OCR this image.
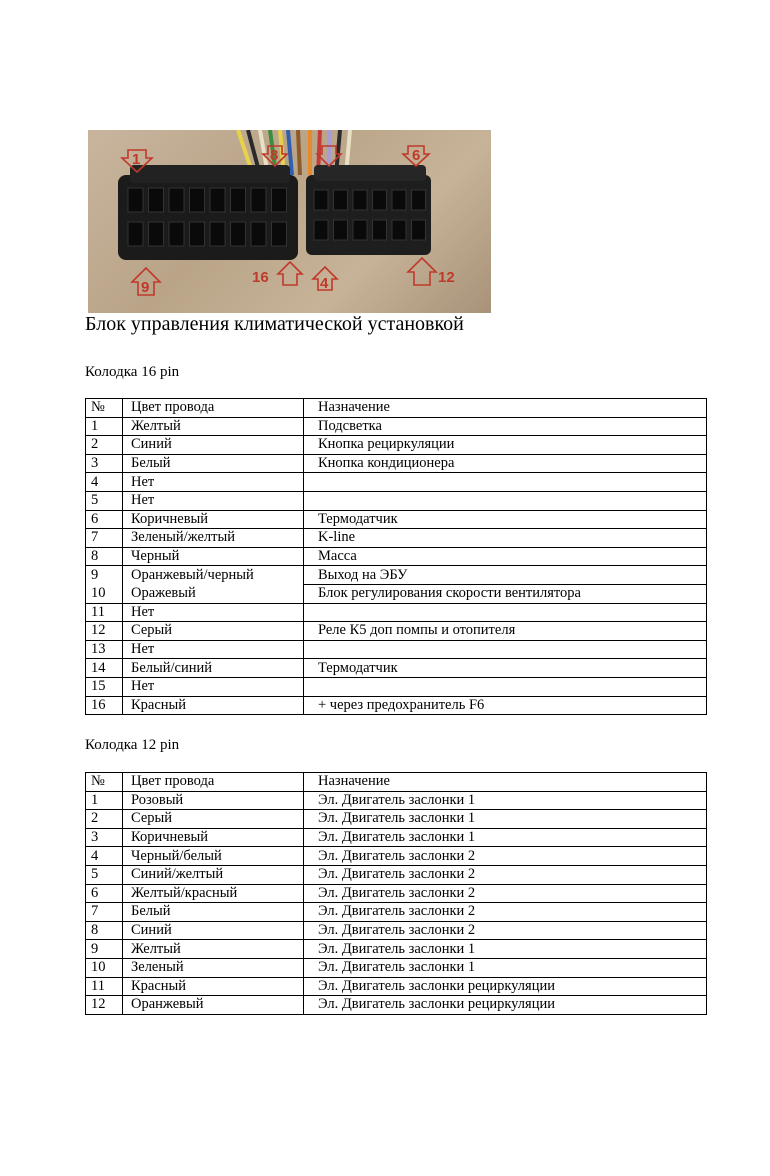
1	8	6
9
16	4	12
Блок управления климатической установкой
Колодка 16 pin
№	Цвет провода	Назначение
1	Желтый	Подсветка
2	Синий	Кнопка рециркуляции
3	Белый	Кнопка кондиционера
4	Нет	
5	Нет	
6	Коричневый	Термодатчик
7	Зеленый/желтый	K-line
8	Черный	Масса
9	Оранжевый/черный	Выход на ЭБУ
10	Оражевый	Блок регулирования скорости вентилятора
11	Нет	
12	Серый	Реле К5 доп помпы и отопителя
13	Нет	
14	Белый/синий	Термодатчик
15	Нет	
16	Красный	+ через предохранитель F6
Колодка 12 pin
№	Цвет провода	Назначение
1	Розовый	Эл. Двигатель заслонки 1
2	Серый	Эл. Двигатель заслонки 1
3	Коричневый	Эл. Двигатель заслонки 1
4	Черный/белый	Эл. Двигатель заслонки 2
5	Синий/желтый	Эл. Двигатель заслонки 2
6	Желтый/красный	Эл. Двигатель заслонки 2
7	Белый	Эл. Двигатель заслонки 2
8	Синий	Эл. Двигатель заслонки 2
9	Желтый	Эл. Двигатель заслонки 1
10	Зеленый	Эл. Двигатель заслонки 1
11	Красный	Эл. Двигатель заслонки рециркуляции
12	Оранжевый	Эл. Двигатель заслонки рециркуляции
